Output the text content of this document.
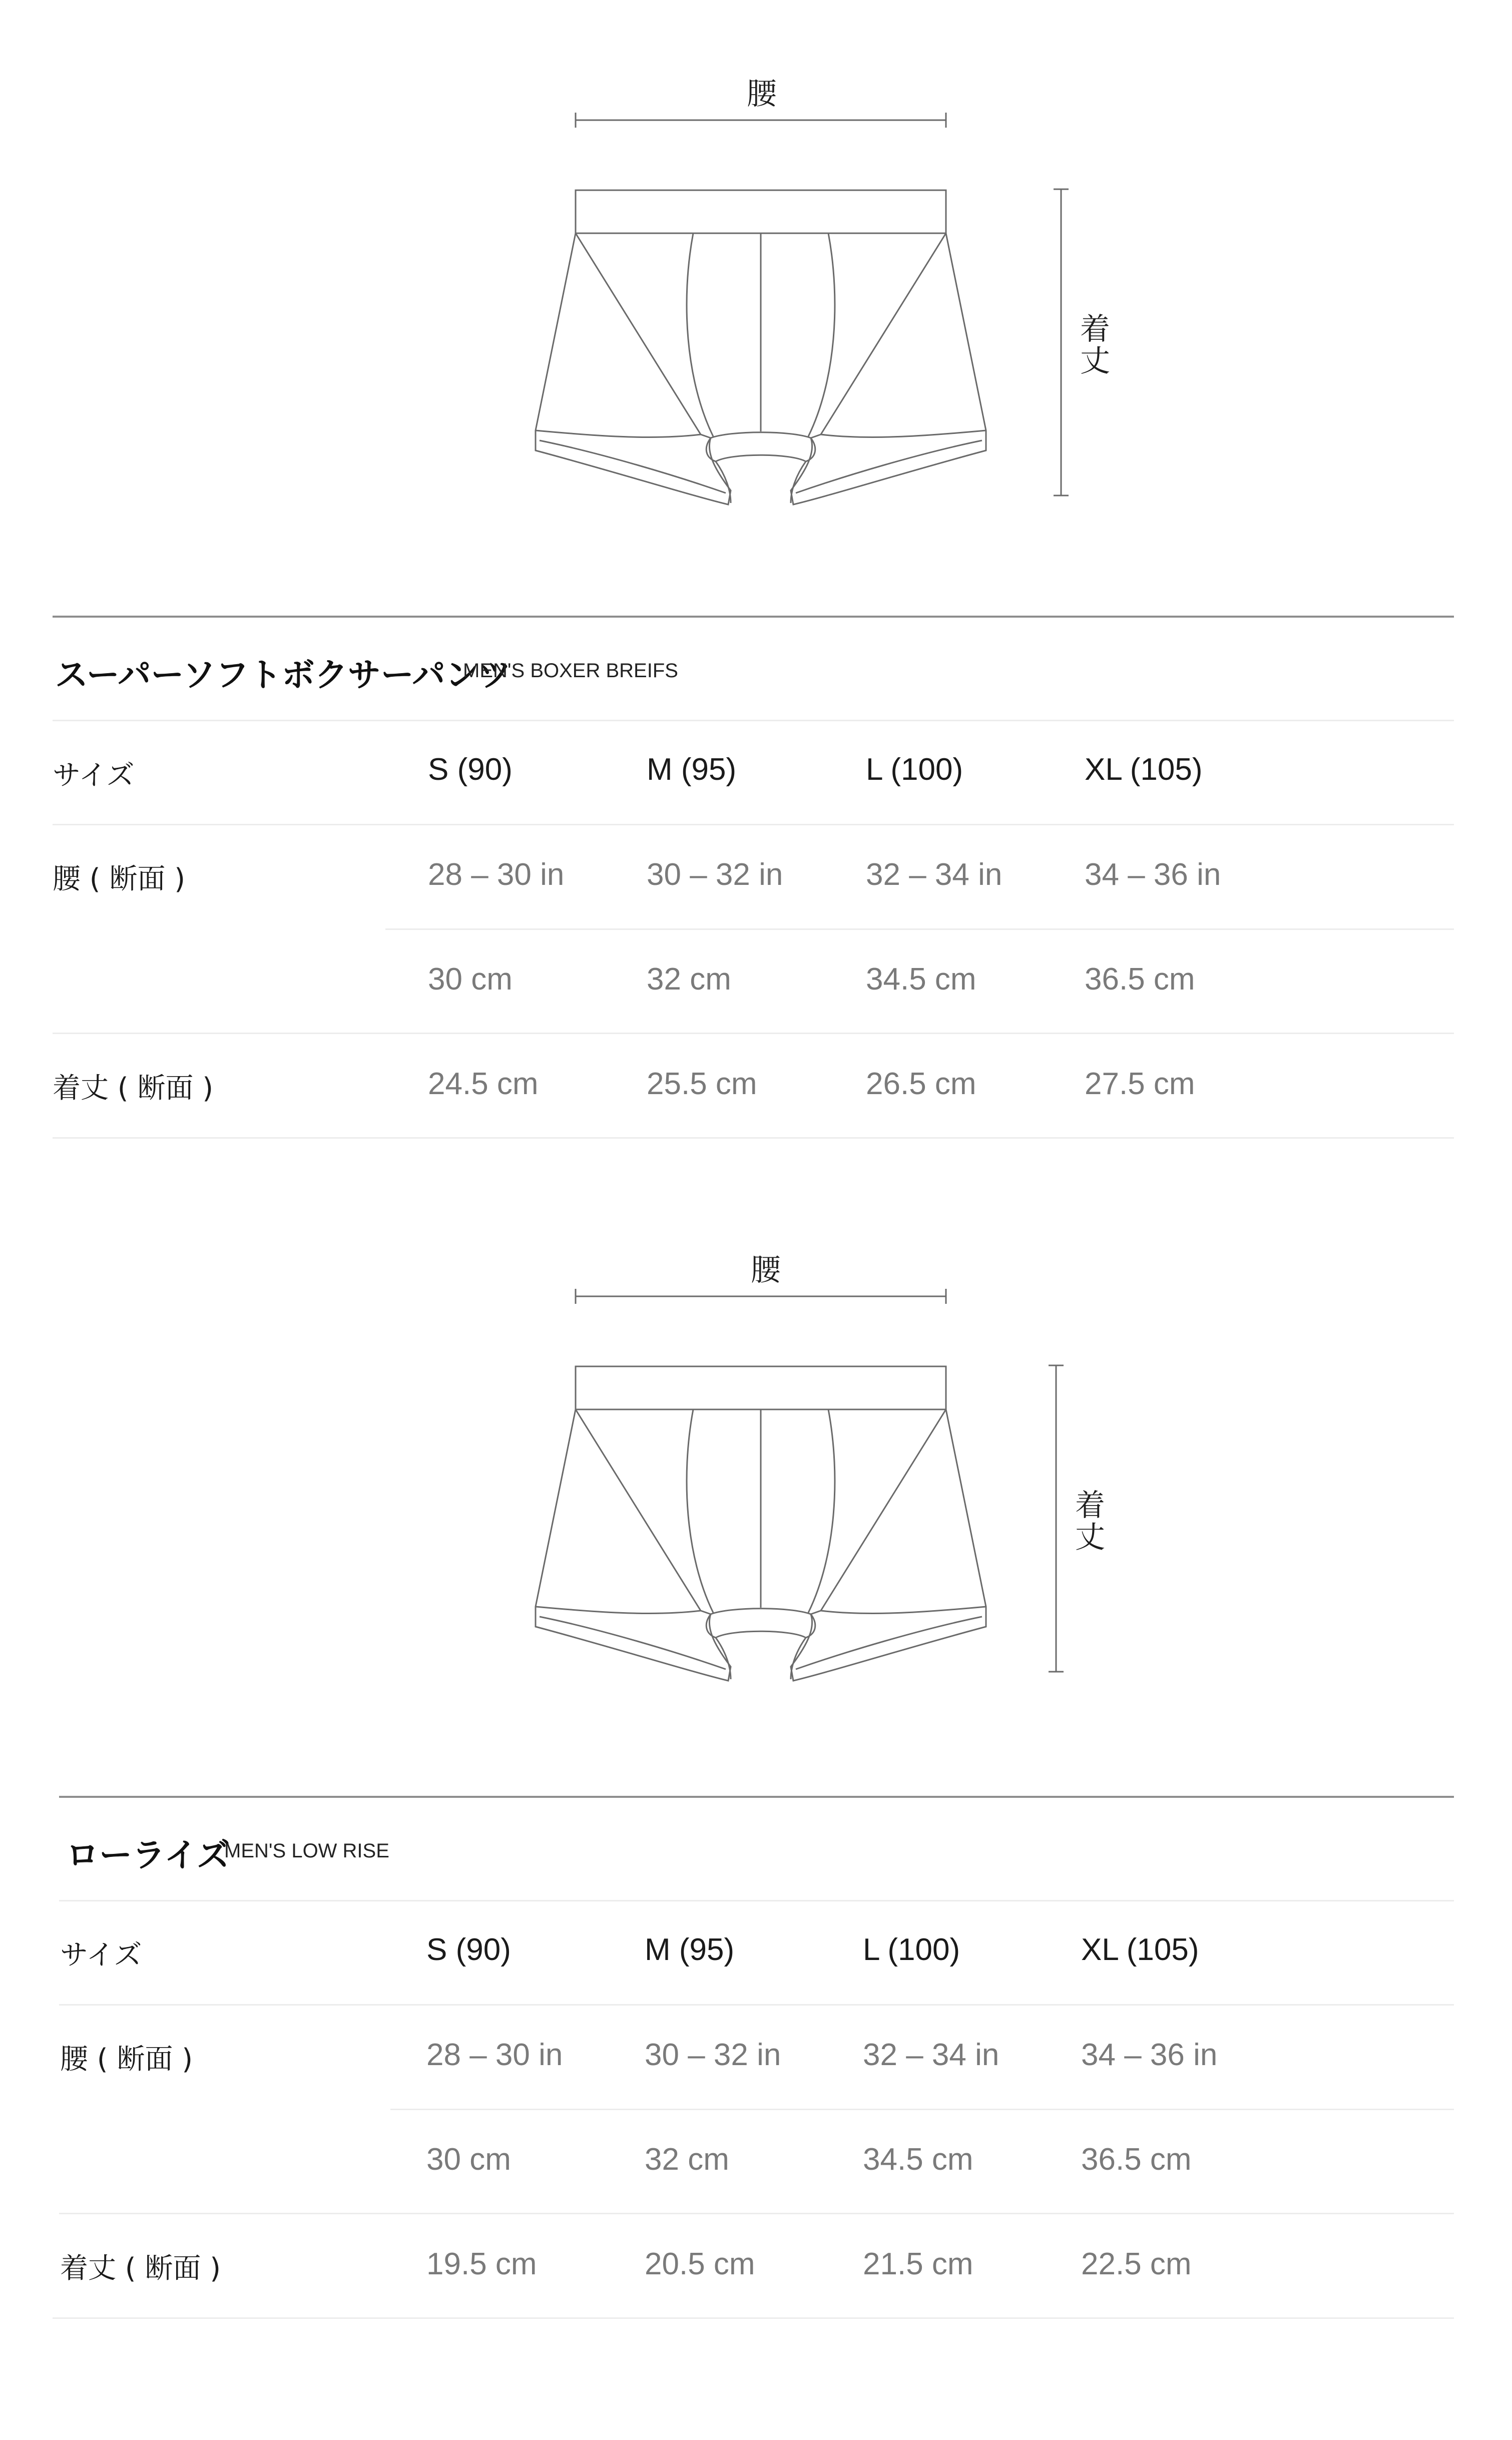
腰
着丈
スーパーソフトボクサーパンツ
MEN'S BOXER BREIFS
サイズ	S (90)	M (95)	L (100)	XL (105)
腰 ( 断面 )	28 – 30 in	30 – 32 in	32 – 34 in	34 – 36 in
30 cm	32 cm	34.5 cm	36.5 cm
着丈 ( 断面 )	24.5 cm	25.5 cm	26.5 cm	27.5 cm
腰
着丈
ローライズ
MEN'S LOW RISE
サイズ	S (90)	M (95)	L (100)	XL (105)
腰 ( 断面 )	28 – 30 in	30 – 32 in	32 – 34 in	34 – 36 in
30 cm	32 cm	34.5 cm	36.5 cm
着丈 ( 断面 )	19.5 cm	20.5 cm	21.5 cm	22.5 cm
